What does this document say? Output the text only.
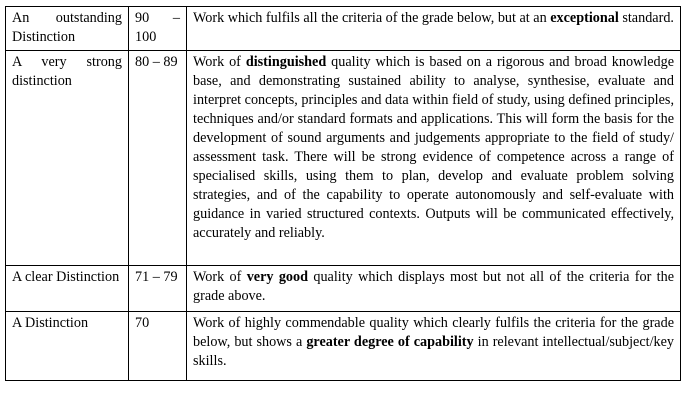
An outstanding Distinction	90 – 100	Work which fulfils all the criteria of the grade below, but at an exceptional standard.
A very strong distinction	80 – 89	Work of distinguished quality which is based on a rigorous and broad knowledge base, and demonstrating sustained ability to analyse, synthesise, evaluate and interpret concepts, principles and data within field of study, using defined principles, techniques and/or standard formats and applications. This will form the basis for the development of sound arguments and judgements appropriate to the field of study/ assessment task. There will be strong evidence of competence across a range of specialised skills, using them to plan, develop and evaluate problem solving strategies, and of the capability to operate autonomously and self-evaluate with guidance in varied structured contexts. Outputs will be communicated effectively, accurately and reliably.
A clear Distinction	71 – 79	Work of very good quality which displays most but not all of the criteria for the grade above.
A Distinction	70	Work of highly commendable quality which clearly fulfils the criteria for the grade below, but shows a greater degree of capability in relevant intellectual/subject/key skills.
